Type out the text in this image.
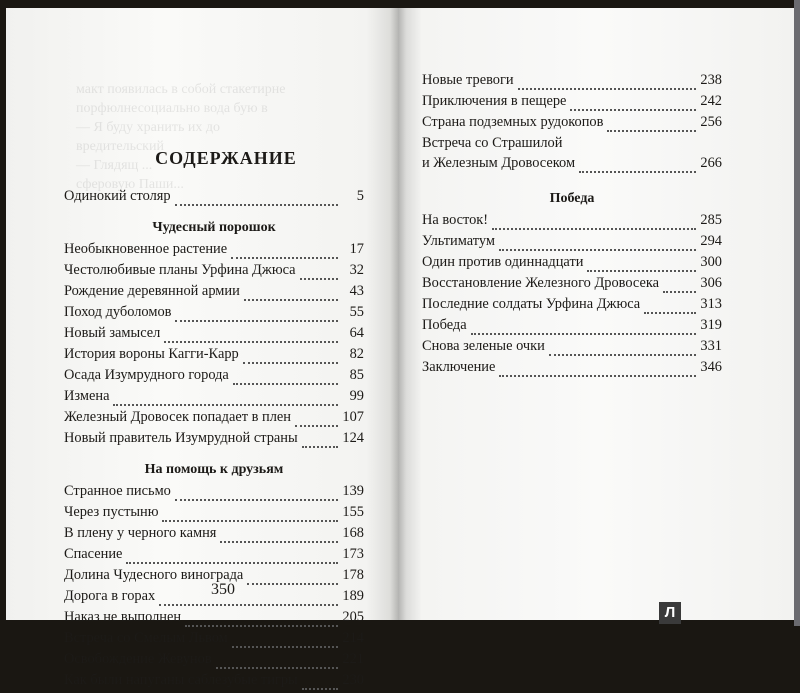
макт появилась в собой стакетирне
порфюлнесоциально вода бую в
— Я буду хранить их до
вредительский
— Глядящ ...
сферовую Паши...
СОДЕРЖАНИЕ
Одинокий столяр	5
Чудесный порошок
Необыкновенное растение	17
Честолюбивые планы Урфина Джюса	32
Рождение деревянной армии	43
Поход дуболомов	55
Новый замысел	64
История вороны Кагги-Карр	82
Осада Изумрудного города	85
Измена	99
Железный Дровосек попадает в плен	107
Новый правитель Изумрудной страны	124
На помощь к друзьям
Странное письмо	139
Через пустыню	155
В плену у черного камня	168
Спасение	173
Долина Чудесного винограда	178
Дорога в горах	189
Наказ не выполнен	205
Встреча со Смелым Львом	214
Освобождение Жевунов	221
Как были напуганы саблезубые тигры	230
350
Новые тревоги	238
Приключения в пещере	242
Страна подземных рудокопов	256
Встреча со Страшилой
и Железным Дровосеком	266
Победа
На восток!	285
Ультиматум	294
Один против одиннадцати	300
Восстановление Железного Дровосека	306
Последние солдаты Урфина Джюса	313
Победа	319
Снова зеленые очки	331
Заключение	346
Л
